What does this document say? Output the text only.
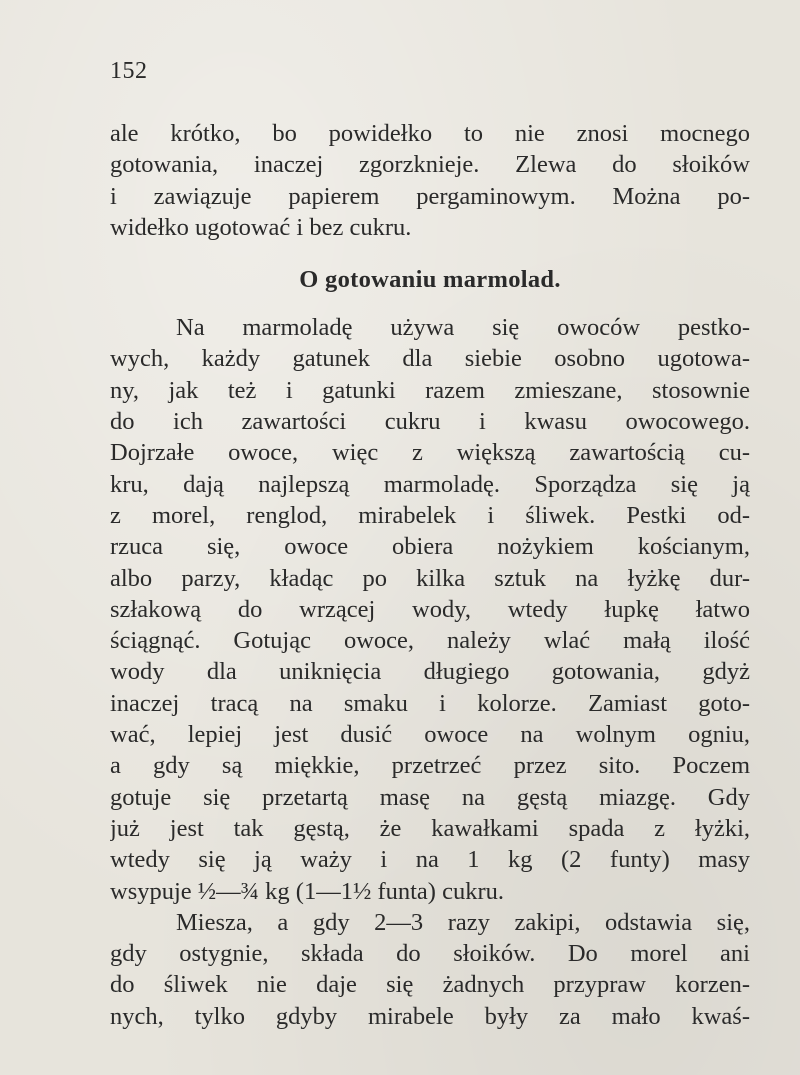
152
ale krótko, bo powidełko to nie znosi mocnego
gotowania, inaczej zgorzknieje. Zlewa do słoików
i zawiązuje papierem pergaminowym. Można po-
widełko ugotować i bez cukru.
O gotowaniu marmolad.
Na marmoladę używa się owoców pestko-
wych, każdy gatunek dla siebie osobno ugotowa-
ny, jak też i gatunki razem zmieszane, stosownie
do ich zawartości cukru i kwasu owocowego.
Dojrzałe owoce, więc z większą zawartością cu-
kru, dają najlepszą marmoladę. Sporządza się ją
z morel, renglod, mirabelek i śliwek. Pestki od-
rzuca się, owoce obiera nożykiem kościanym,
albo parzy, kładąc po kilka sztuk na łyżkę dur-
szłakową do wrzącej wody, wtedy łupkę łatwo
ściągnąć. Gotując owoce, należy wlać małą ilość
wody dla uniknięcia długiego gotowania, gdyż
inaczej tracą na smaku i kolorze. Zamiast goto-
wać, lepiej jest dusić owoce na wolnym ogniu,
a gdy są miękkie, przetrzeć przez sito. Poczem
gotuje się przetartą masę na gęstą miazgę. Gdy
już jest tak gęstą, że kawałkami spada z łyżki,
wtedy się ją waży i na 1 kg (2 funty) masy
wsypuje ½—¾ kg (1—1½ funta) cukru.
Miesza, a gdy 2—3 razy zakipi, odstawia się,
gdy ostygnie, składa do słoików. Do morel ani
do śliwek nie daje się żadnych przypraw korzen-
nych, tylko gdyby mirabele były za mało kwaś-
